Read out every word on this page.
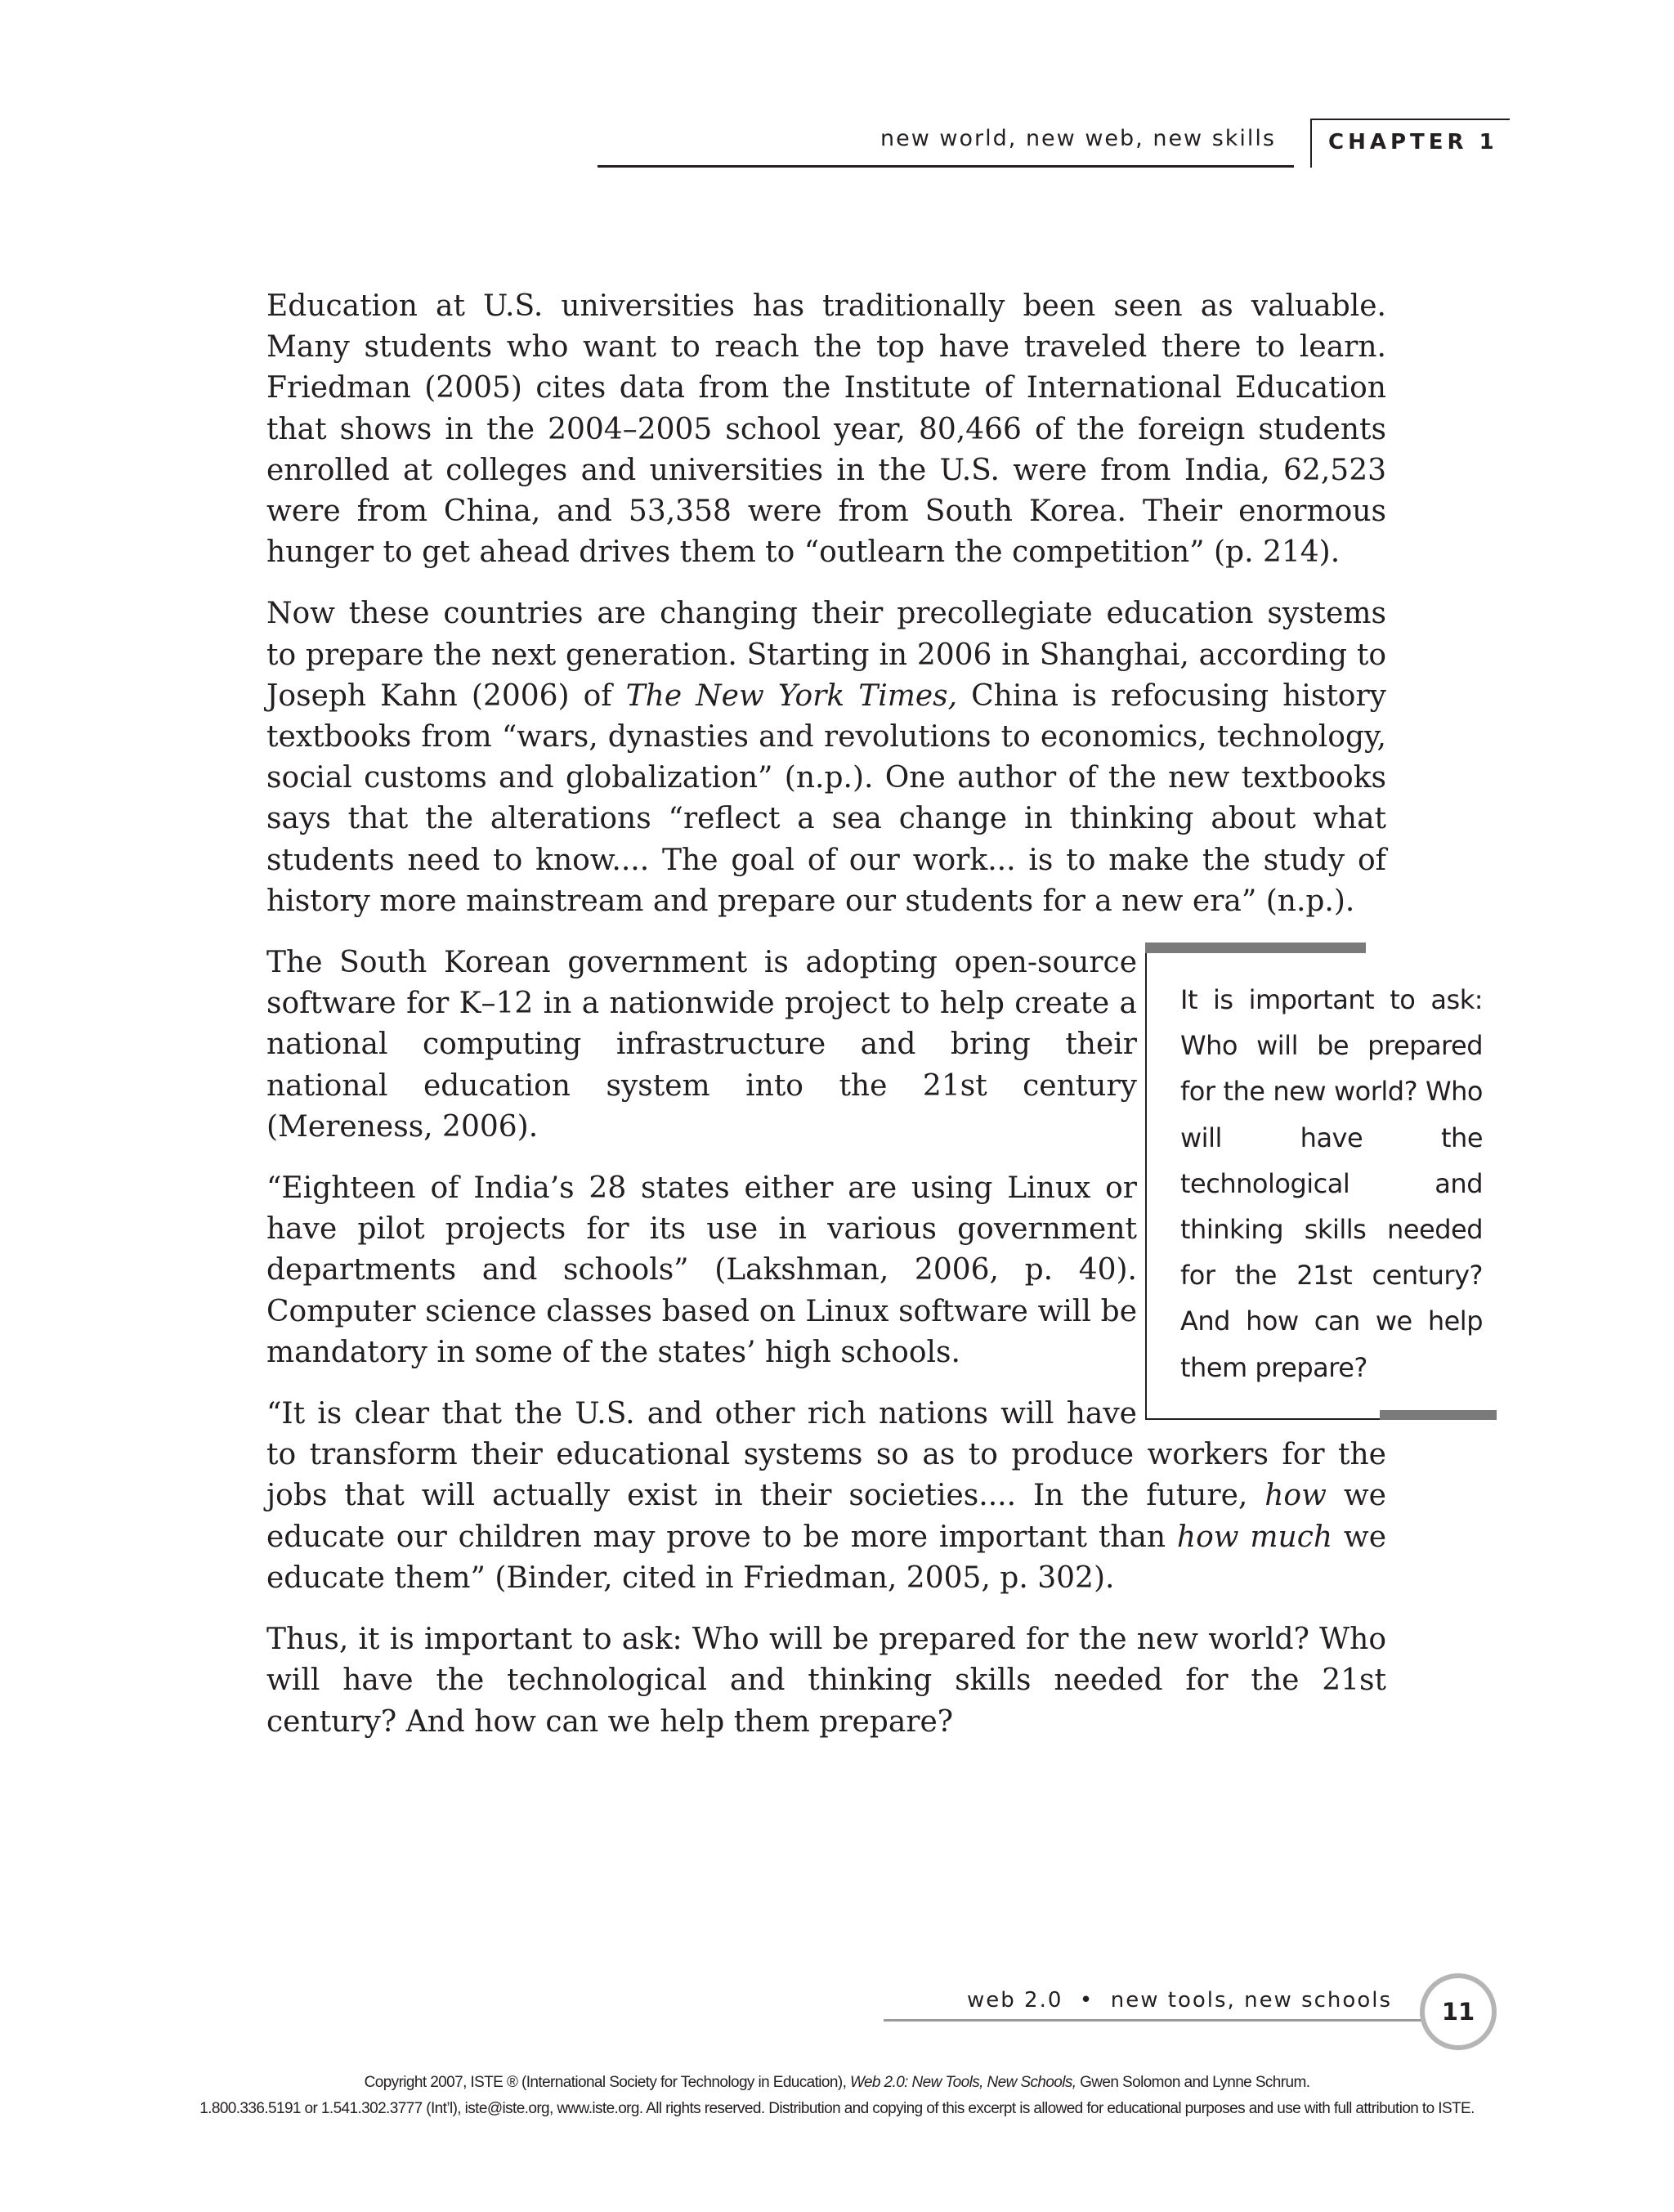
new world, new web, new skills CHAPTER 1

Education at U.S. universities has traditionally been seen as valuable. Many students who want to reach the top have traveled there to learn. Friedman (2005) cites data from the Institute of International Education that shows in the 2004–2005 school year, 80,466 of the foreign students enrolled at colleges and universities in the U.S. were from India, 62,523 were from China, and 53,358 were from South Korea. Their enormous hunger to get ahead drives them to “outlearn the competition” (p. 214).

Now these countries are changing their precollegiate education systems to prepare the next generation. Starting in 2006 in Shanghai, according to Joseph Kahn (2006) of The New York Times, China is refocusing history textbooks from “wars, dynasties and revolutions to economics, technology, social customs and globalization” (n.p.). One author of the new textbooks says that the alterations “reflect a sea change in thinking about what students need to know.... The goal of our work... is to make the study of history more mainstream and prepare our students for a new era” (n.p.).

It is important to ask: Who will be prepared for the new world? Who will have the technological and thinking skills needed for the 21st century? And how can we help them prepare?

The South Korean government is adopting open-source software for K–12 in a nationwide project to help create a national computing infrastructure and bring their national education system into the 21st century (Mereness, 2006).

“Eighteen of India’s 28 states either are using Linux or have pilot projects for its use in various government departments and schools” (Lakshman, 2006, p. 40). Computer science classes based on Linux software will be mandatory in some of the states’ high schools.

“It is clear that the U.S. and other rich nations will have to transform their educational systems so as to produce workers for the jobs that will actually exist in their societies.... In the future, how we educate our children may prove to be more important than how much we educate them” (Binder, cited in Friedman, 2005, p. 302).

Thus, it is important to ask: Who will be prepared for the new world? Who will have the technological and thinking skills needed for the 21st century? And how can we help them prepare?

web 2.0  •  new tools, new schools	11

Copyright 2007, ISTE ® (International Society for Technology in Education), Web 2.0: New Tools, New Schools, Gwen Solomon and Lynne Schrum.

1.800.336.5191 or 1.541.302.3777 (Int’l), iste@iste.org, www.iste.org. All rights reserved. Distribution and copying of this excerpt is allowed for educational purposes and use with full attribution to ISTE.
